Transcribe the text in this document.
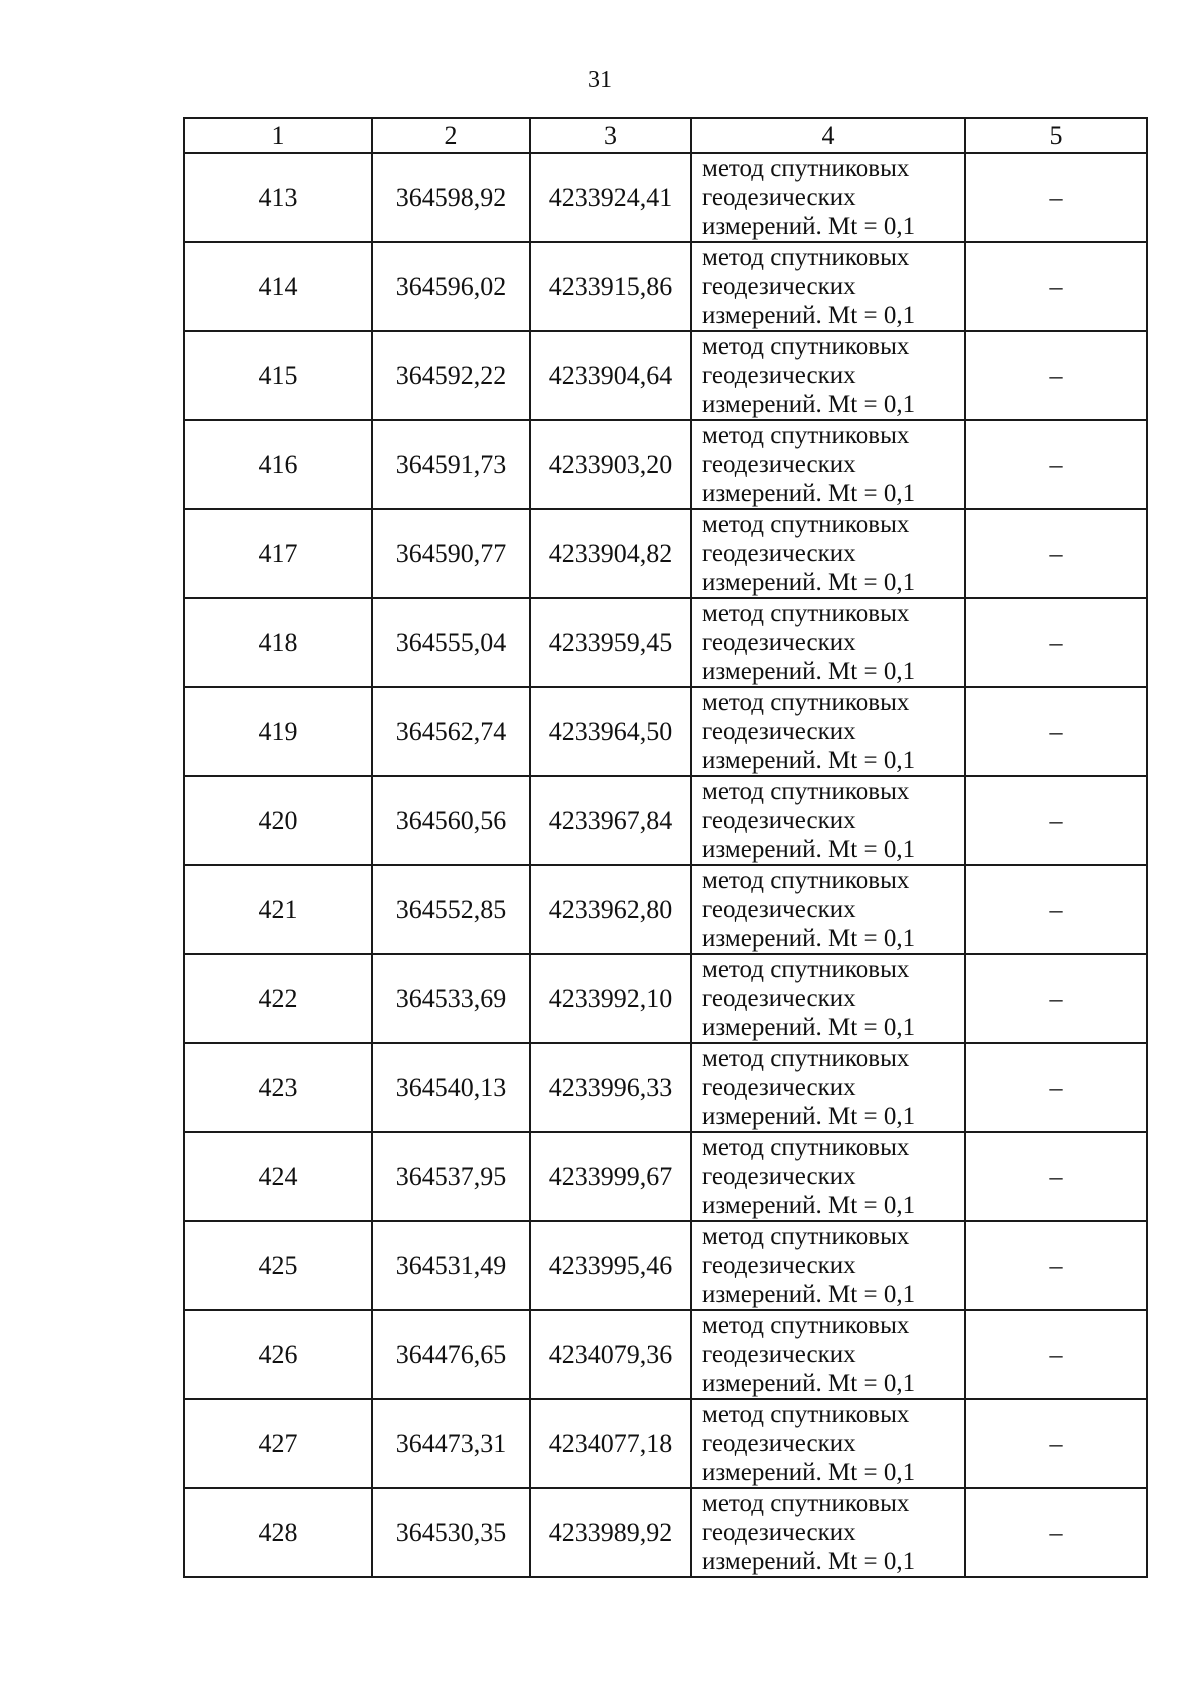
31
1	2	3	4	5
413	364598,92	4233924,41	метод спутниковых
геодезических
измерений. Mt = 0,1	–
414	364596,02	4233915,86	метод спутниковых
геодезических
измерений. Mt = 0,1	–
415	364592,22	4233904,64	метод спутниковых
геодезических
измерений. Mt = 0,1	–
416	364591,73	4233903,20	метод спутниковых
геодезических
измерений. Mt = 0,1	–
417	364590,77	4233904,82	метод спутниковых
геодезических
измерений. Mt = 0,1	–
418	364555,04	4233959,45	метод спутниковых
геодезических
измерений. Mt = 0,1	–
419	364562,74	4233964,50	метод спутниковых
геодезических
измерений. Mt = 0,1	–
420	364560,56	4233967,84	метод спутниковых
геодезических
измерений. Mt = 0,1	–
421	364552,85	4233962,80	метод спутниковых
геодезических
измерений. Mt = 0,1	–
422	364533,69	4233992,10	метод спутниковых
геодезических
измерений. Mt = 0,1	–
423	364540,13	4233996,33	метод спутниковых
геодезических
измерений. Mt = 0,1	–
424	364537,95	4233999,67	метод спутниковых
геодезических
измерений. Mt = 0,1	–
425	364531,49	4233995,46	метод спутниковых
геодезических
измерений. Mt = 0,1	–
426	364476,65	4234079,36	метод спутниковых
геодезических
измерений. Mt = 0,1	–
427	364473,31	4234077,18	метод спутниковых
геодезических
измерений. Mt = 0,1	–
428	364530,35	4233989,92	метод спутниковых
геодезических
измерений. Mt = 0,1	–
